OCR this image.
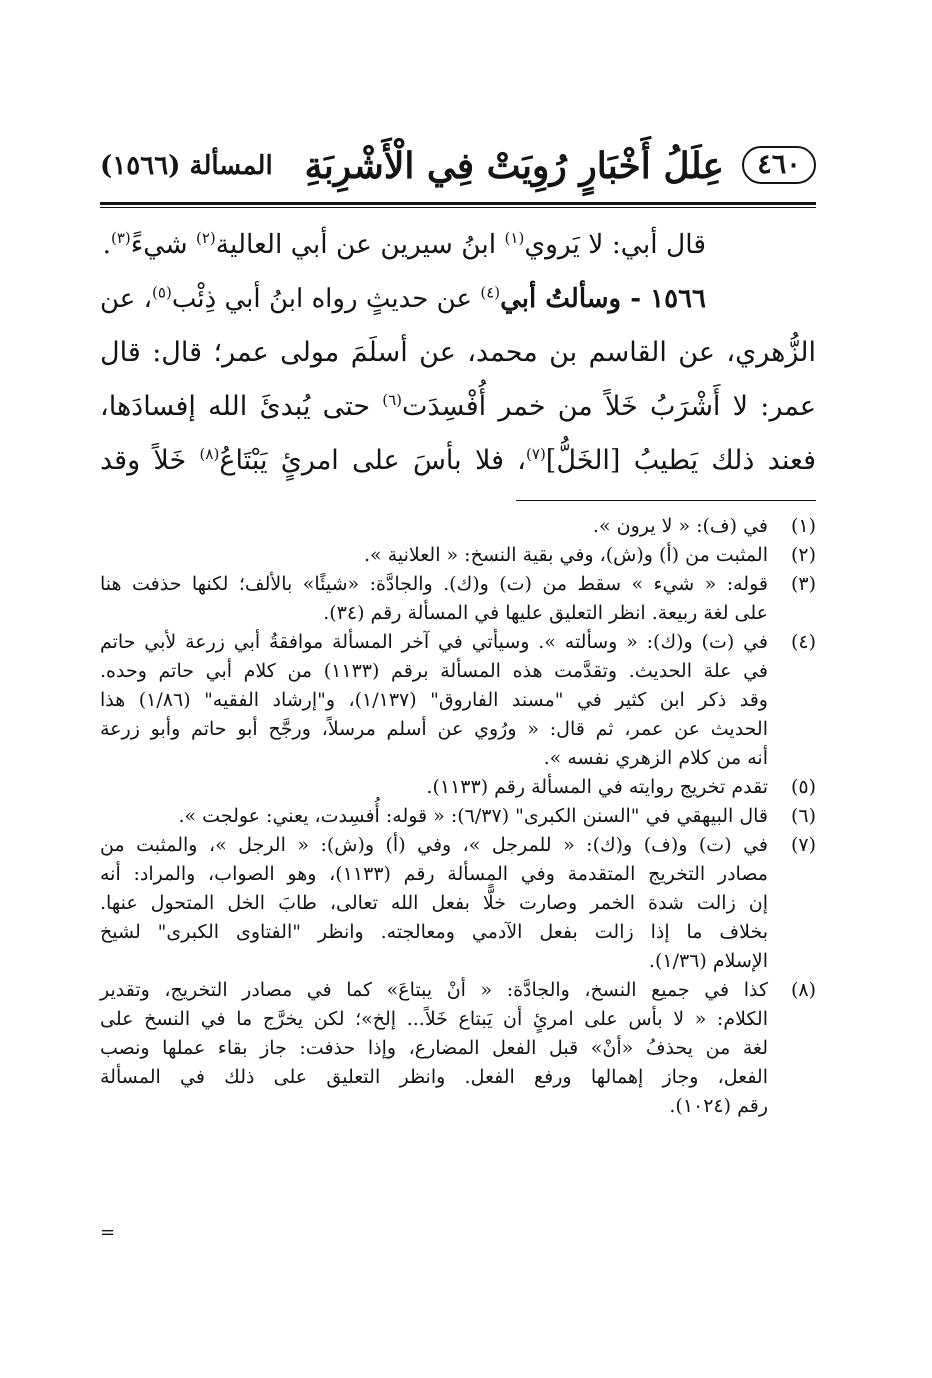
٤٦٠
عِلَلُ أَخْبَارٍ رُوِيَتْ فِي الْأَشْرِبَةِ
المسألة (١٥٦٦)
قال أبي: لا يَروي$^{(١)}$ ابنُ سيرين عن أبي العالية$^{(٢)}$ شيءً$^{(٣)}$.
١٥٦٦ - وسألتُ أبي$^{(٤)}$ عن حديثٍ رواه ابنُ أبي ذِئْب$^{(٥)}$، عن
الزُّهري، عن القاسم بن محمد، عن أسلَمَ مولى عمر؛ قال: قال
عمر: لا أَشْرَبُ خَلاً من خمر أُفْسِدَت$^{(٦)}$ حتى يُبدئَ الله إفسادَها،
فعند ذلك يَطيبُ [الخَلُّ]$^{(٧)}$، فلا بأسَ على امرئٍ يَبْتَاعُ$^{(٨)}$ خَلاً وقد
(١)
في (ف): « لا يرون ».
(٢)
المثبت من (أ) و(ش)، وفي بقية النسخ: « العلانية ».
(٣)
قوله: « شيء » سقط من (ت) و(ك). والجادَّة: «شيئًا» بالألف؛ لكنها حذفت هنا
على لغة ربيعة. انظر التعليق عليها في المسألة رقم (٣٤).
(٤)
في (ت) و(ك): « وسألته ». وسيأتي في آخر المسألة موافقةُ أبي زرعة لأبي حاتم
في علة الحديث. وتقدَّمت هذه المسألة برقم (١١٣٣) من كلام أبي حاتم وحده.
وقد ذكر ابن كثير في "مسند الفاروق" (١/١٣٧)، و"إرشاد الفقيه" (١/٨٦) هذا
الحديث عن عمر، ثم قال: « ورُوي عن أسلم مرسلاً، ورجَّح أبو حاتم وأبو زرعة
أنه من كلام الزهري نفسه ».
(٥)
تقدم تخريج روايته في المسألة رقم (١١٣٣).
(٦)
قال البيهقي في "السنن الكبرى" (٦/٣٧): « قوله: أُفسِدت، يعني: عولجت ».
(٧)
في (ت) و(ف) و(ك): « للمرجل »، وفي (أ) و(ش): « الرجل »، والمثبت من
مصادر التخريج المتقدمة وفي المسألة رقم (١١٣٣)، وهو الصواب، والمراد: أنه
إن زالت شدة الخمر وصارت خلًّا بفعل الله تعالى، طابَ الخل المتحول عنها.
بخلاف ما إذا زالت بفعل الآدمي ومعالجته. وانظر "الفتاوى الكبرى" لشيخ
الإسلام (١/٣٦).
(٨)
كذا في جميع النسخ، والجادَّة: « أنْ يبتاعَ» كما في مصادر التخريج، وتقدير
الكلام: « لا بأس على امرئٍ أن يَبتاع خَلاً... إلخ»؛ لكن يخرَّج ما في النسخ على
لغة من يحذفُ «أنْ» قبل الفعل المضارع، وإذا حذفت: جاز بقاء عملها ونصب
الفعل، وجاز إهمالها ورفع الفعل. وانظر التعليق على ذلك في المسألة
رقم (١٠٢٤).
=
